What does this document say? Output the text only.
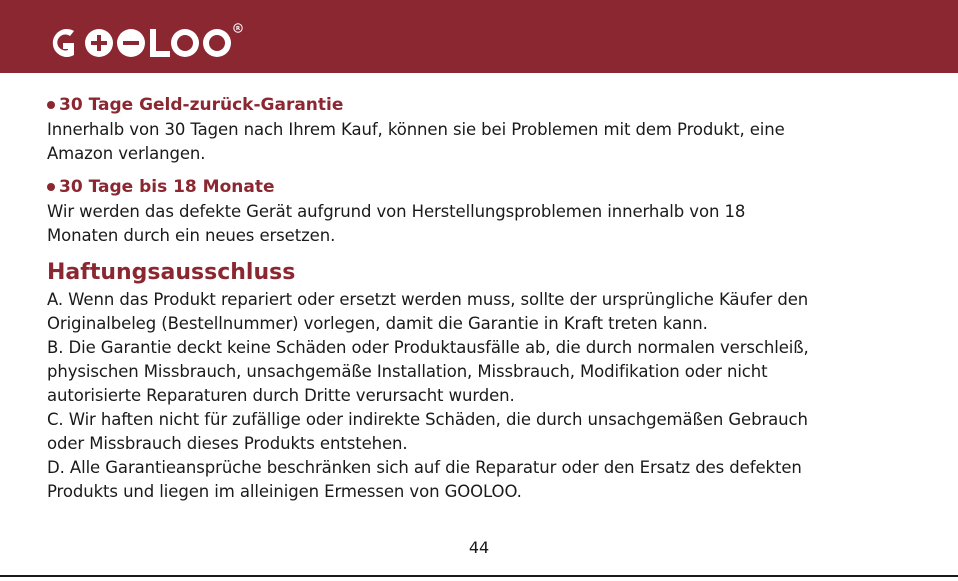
R
30 Tage Geld-zurück-Garantie

Innerhalb von 30 Tagen nach Ihrem Kauf, können sie bei Problemen mit dem Produkt, eine

Amazon verlangen.

30 Tage bis 18 Monate

Wir werden das defekte Gerät aufgrund von Herstellungsproblemen innerhalb von 18

Monaten durch ein neues ersetzen.

Haftungsausschluss

A. Wenn das Produkt repariert oder ersetzt werden muss, sollte der ursprüngliche Käufer den

Originalbeleg (Bestellnummer) vorlegen, damit die Garantie in Kraft treten kann.

B. Die Garantie deckt keine Schäden oder Produktausfälle ab, die durch normalen verschleiß,

physischen Missbrauch, unsachgemäße Installation, Missbrauch, Modifikation oder nicht

autorisierte Reparaturen durch Dritte verursacht wurden.

C. Wir haften nicht für zufällige oder indirekte Schäden, die durch unsachgemäßen Gebrauch

oder Missbrauch dieses Produkts entstehen.

D. Alle Garantieansprüche beschränken sich auf die Reparatur oder den Ersatz des defekten

Produkts und liegen im alleinigen Ermessen von GOOLOO.

44
